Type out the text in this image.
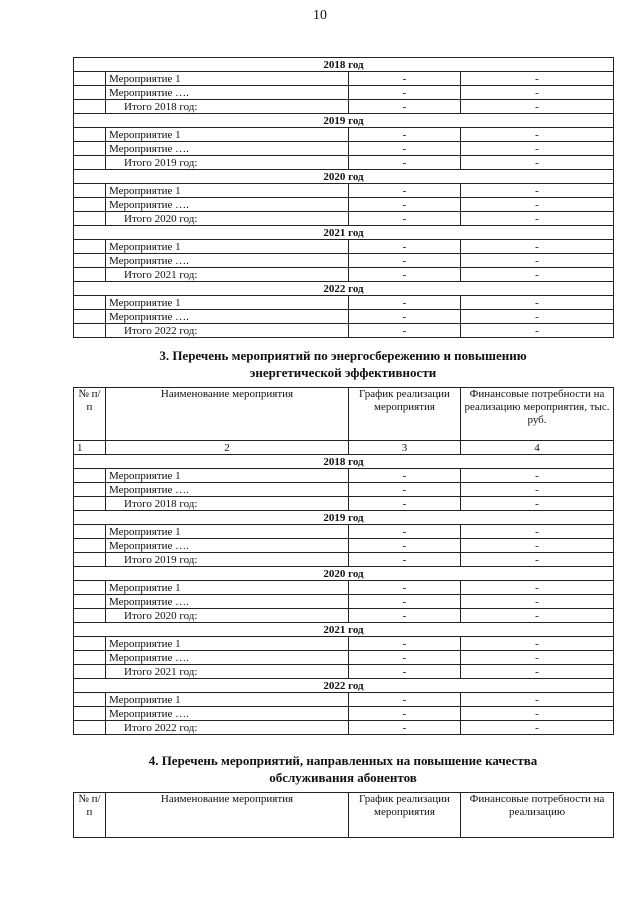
10
2018 год			
	Мероприятие 1	-	-
	Мероприятие ….	-	-
	Итого 2018 год:	-	-
2019 год			
	Мероприятие 1	-	-
	Мероприятие ….	-	-
	Итого 2019 год:	-	-
2020 год			
	Мероприятие 1	-	-
	Мероприятие ….	-	-
	Итого 2020 год:	-	-
2021 год			
	Мероприятие 1	-	-
	Мероприятие ….	-	-
	Итого 2021 год:	-	-
2022 год			
	Мероприятие 1	-	-
	Мероприятие ….	-	-
	Итого 2022 год:	-	-
3. Перечень мероприятий по энергосбережению и повышению
энергетической эффективности
№ п/п	Наименование мероприятия	График реализации мероприятия	Финансовые потребности на реализацию мероприятия, тыс. руб.
1	2	3	4
2018 год			
	Мероприятие 1	-	-
	Мероприятие ….	-	-
	Итого 2018 год:	-	-
2019 год			
	Мероприятие 1	-	-
	Мероприятие ….	-	-
	Итого 2019 год:	-	-
2020 год			
	Мероприятие 1	-	-
	Мероприятие ….	-	-
	Итого 2020 год:	-	-
2021 год			
	Мероприятие 1	-	-
	Мероприятие ….	-	-
	Итого 2021 год:	-	-
2022 год			
	Мероприятие 1	-	-
	Мероприятие ….	-	-
	Итого 2022 год:	-	-
4. Перечень мероприятий, направленных на повышение качества
обслуживания абонентов
№ п/п	Наименование мероприятия	График реализации мероприятия	Финансовые потребности на реализацию
